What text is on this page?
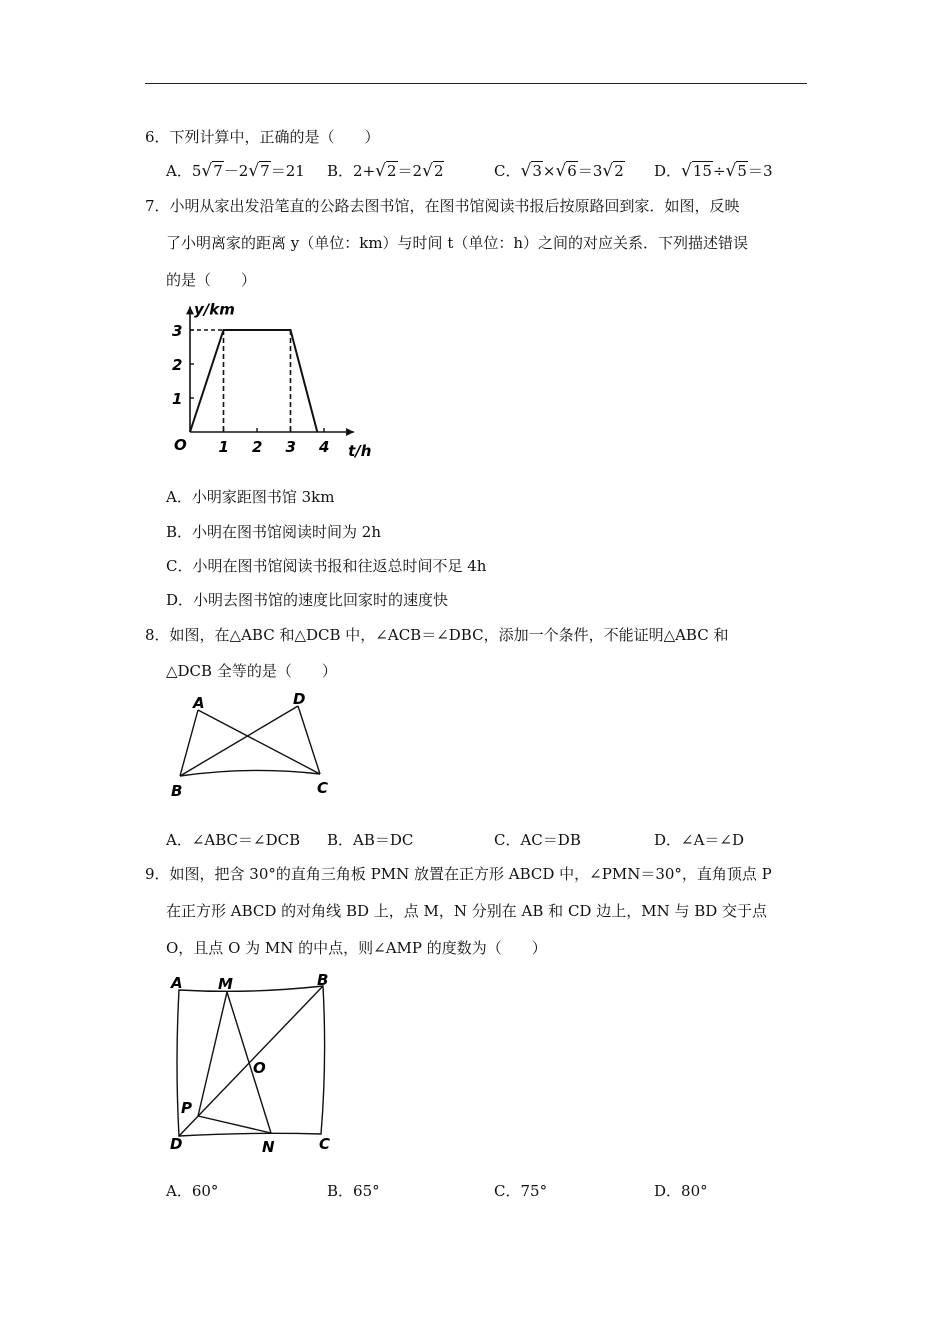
6．下列计算中，正确的是（　　）
A．5√7－2√7＝21 B．2+√2＝2√2	C．√3×√6＝3√2 D．√15÷√5＝3
7．小明从家出发沿笔直的公路去图书馆，在图书馆阅读书报后按原路回到家．如图，反映
了小明离家的距离 y（单位：km）与时间 t（单位：h）之间的对应关系．下列描述错误
的是（　　）
y/km
t/h
O 1 2 3 4
1
2
3
A．小明家距图书馆 3km
B．小明在图书馆阅读时间为 2h
C．小明在图书馆阅读书报和往返总时间不足 4h
D．小明去图书馆的速度比回家时的速度快
8．如图，在△ABC 和△DCB 中，∠ACB＝∠DBC，添加一个条件，不能证明△ABC 和
△DCB 全等的是（　　）
A	D
B	C
A．∠ABC＝∠DCB B．AB＝DC	C．AC＝DB	D．∠A＝∠D
9．如图，把含 30°的直角三角板 PMN 放置在正方形 ABCD 中，∠PMN＝30°，直角顶点 P
在正方形 ABCD 的对角线 BD 上，点 M，N 分别在 AB 和 CD 边上，MN 与 BD 交于点
O，且点 O 为 MN 的中点，则∠AMP 的度数为（　　）
A M	B
O
P
D	N	C
A．60°	B．65°	C．75°	D．80°
